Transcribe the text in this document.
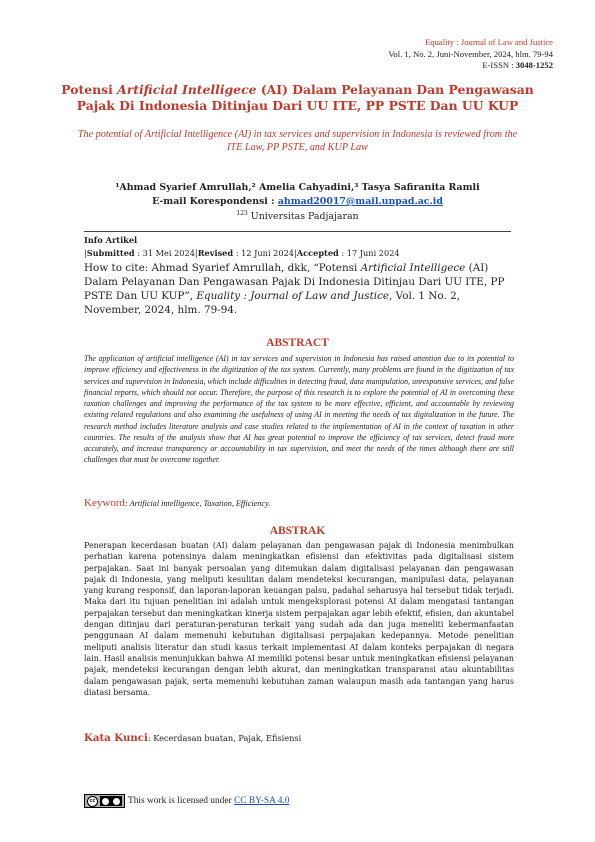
Equality : Journal of Law and Justice
Vol. 1, No. 2, Juni-November, 2024, hlm. 79-94
E-ISSN : 3048-1252
Potensi Artificial Intelligece (AI) Dalam Pelayanan Dan Pengawasan Pajak Di Indonesia Ditinjau Dari UU ITE, PP PSTE Dan UU KUP
The potential of Artificial Intelligence (AI) in tax services and supervision in Indonesia is reviewed from the ITE Law, PP PSTE, and KUP Law
¹Ahmad Syarief Amrullah,² Amelia Cahyadini,³ Tasya Safiranita Ramli
E-mail Korespondensi : ahmad20017@mail.unpad.ac.id
$^{123}$ Universitas Padjajaran
Info Artikel
|Submitted : 31 Mei 2024|Revised : 12 Juni 2024|Accepted : 17 Juni 2024
How to cite: Ahmad Syarief Amrullah, dkk, “Potensi Artificial Intelligece (AI) Dalam Pelayanan Dan Pengawasan Pajak Di Indonesia Ditinjau Dari UU ITE, PP PSTE Dan UU KUP”, Equality : Journal of Law and Justice, Vol. 1 No. 2, November, 2024, hlm. 79-94.
ABSTRACT
The application of artificial intelligence (AI) in tax services and supervision in Indonesia has raised attention due to its potential to improve efficiency and effectiveness in the digitization of the tax system. Currently, many problems are found in the digitization of tax services and supervision in Indonesia, which include difficulties in detecting fraud, data manipulation, unresponsive services, and false financial reports, which should not occur. Therefore, the purpose of this research is to explore the potential of AI in overcoming these taxation challenges and improving the performance of the tax system to be more effective, efficient, and accountable by reviewing existing related regulations and also examining the usefulness of using AI in meeting the needs of tax digitalization in the future. The research method includes literature analysis and case studies related to the implementation of AI in the context of taxation in other countries. The results of the analysis show that AI has great potential to improve the efficiency of tax services, detect fraud more accurately, and increase transparency or accountability in tax supervision, and meet the needs of the times although there are still challenges that must be overcome together.
Keyword: Artificial intelligence, Taxation, Efficiency.
ABSTRAK
Penerapan kecerdasan buatan (AI) dalam pelayanan dan pengawasan pajak di Indonesia menimbulkan perhatian karena potensinya dalam meningkatkan efisiensi dan efektivitas pada digitalisasi sistem perpajakan. Saat ini banyak persoalan yang ditemukan dalam digitalisasi pelayanan dan pengawasan pajak di Indonesia, yang meliputi kesulitan dalam mendeteksi kecurangan, manipulasi data, pelayanan yang kurang responsif, dan laporan-laporan keuangan palsu, padahal seharusya hal tersebut tidak terjadi. Maka dari itu tujuan penelitian ini adalah untuk mengeksplorasi potensi AI dalam mengatasi tantangan perpajakan tersebut dan meningkatkan kinerja sistem perpajakan agar lebih efektif, efisien, dan akuntabel dengan ditinjau dari peraturan-peraturan terkait yang sudah ada dan juga meneliti kebermanfaatan penggunaan AI dalam memenuhi kebutuhan digitalisasi perpajakan kedepannya. Metode penelitian meliputi analisis literatur dan studi kasus terkait implementasi AI dalam konteks perpajakan di negara lain. Hasil analisis menunjukkan bahwa AI memiliki potensi besar untuk meningkatkan efisiensi pelayanan pajak, mendeteksi kecurangan dengan lebih akurat, dan meningkatkan transparansi atau akuntabilitas dalam pengawasan pajak, serta memenuhi kebutuhan zaman walaupun masih ada tantangan yang harus diatasi bersama.
Kata Kunci: Kecerdasan buatan, Pajak, Efisiensi
cc	This work is licensed under
CC BY-SA 4.0
